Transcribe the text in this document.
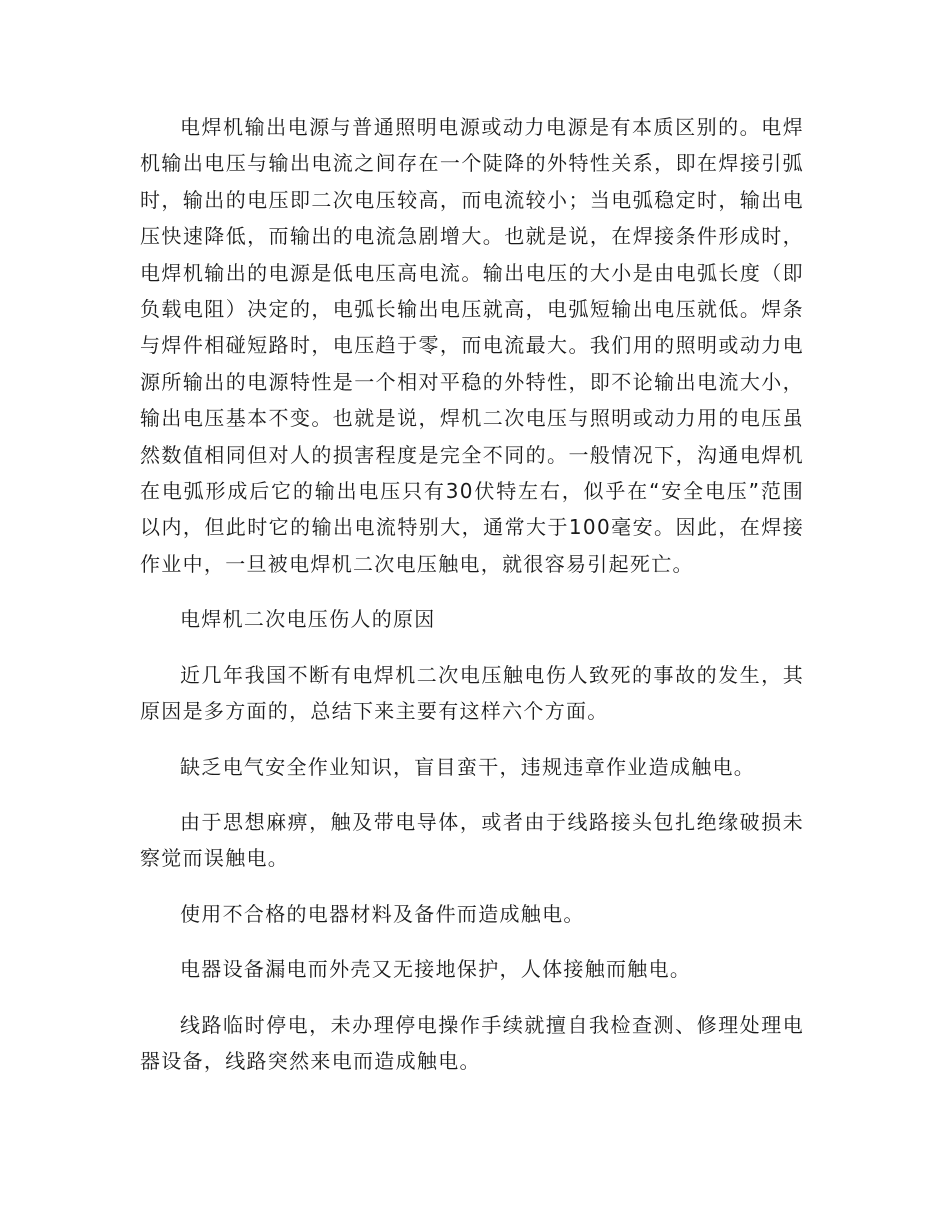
电焊机输出电源与普通照明电源或动力电源是有本质区别的。电焊机输出电压与输出电流之间存在一个陡降的外特性关系，即在焊接引弧时，输出的电压即二次电压较高，而电流较小；当电弧稳定时，输出电压快速降低，而输出的电流急剧增大。也就是说，在焊接条件形成时，电焊机输出的电源是低电压高电流。输出电压的大小是由电弧长度（即负载电阻）决定的，电弧长输出电压就高，电弧短输出电压就低。焊条与焊件相碰短路时，电压趋于零，而电流最大。我们用的照明或动力电源所输出的电源特性是一个相对平稳的外特性，即不论输出电流大小，输出电压基本不变。也就是说，焊机二次电压与照明或动力用的电压虽然数值相同但对人的损害程度是完全不同的。一般情况下，沟通电焊机在电弧形成后它的输出电压只有30伏特左右，似乎在“安全电压”范围以内，但此时它的输出电流特别大，通常大于100毫安。因此，在焊接作业中，一旦被电焊机二次电压触电，就很容易引起死亡。

电焊机二次电压伤人的原因

近几年我国不断有电焊机二次电压触电伤人致死的事故的发生，其原因是多方面的，总结下来主要有这样六个方面。

缺乏电气安全作业知识，盲目蛮干，违规违章作业造成触电。

由于思想麻痹，触及带电导体，或者由于线路接头包扎绝缘破损未察觉而误触电。

使用不合格的电器材料及备件而造成触电。

电器设备漏电而外壳又无接地保护，人体接触而触电。

线路临时停电，未办理停电操作手续就擅自我检查测、修理处理电器设备，线路突然来电而造成触电。
